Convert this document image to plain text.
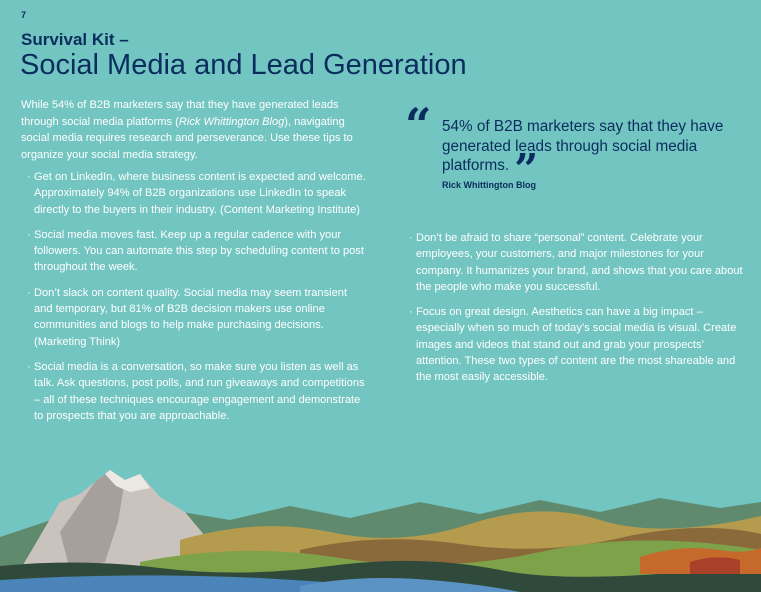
7
Survival Kit –
Social Media and Lead Generation

While 54% of B2B marketers say that they have generated leads through social media platforms (Rick Whittington Blog), navigating social media requires research and perseverance. Use these tips to organize your social media strategy.

· Get on LinkedIn, where business content is expected and welcome. Approximately 94% of B2B organizations use LinkedIn to speak directly to the buyers in their industry. (Content Marketing Institute)
· Social media moves fast. Keep up a regular cadence with your followers. You can automate this step by scheduling content to post throughout the week.
· Don’t slack on content quality. Social media may seem transient and temporary, but 81% of B2B decision makers use online communities and blogs to help make purchasing decisions. (Marketing Think)
· Social media is a conversation, so make sure you listen as well as talk. Ask questions, post polls, and run giveaways and competitions – all of these techniques encourage engagement and demonstrate to prospects that you are approachable.
“ 54% of B2B marketers say that they have generated leads through social media platforms. ”
Rick Whittington Blog
· Don’t be afraid to share “personal” content. Celebrate your employees, your customers, and major milestones for your company. It humanizes your brand, and shows that you care about the people who make you successful.
· Focus on great design. Aesthetics can have a big impact – especially when so much of today’s social media is visual. Create images and videos that stand out and grab your prospects’ attention. These two types of content are the most shareable and the most easily accessible.
